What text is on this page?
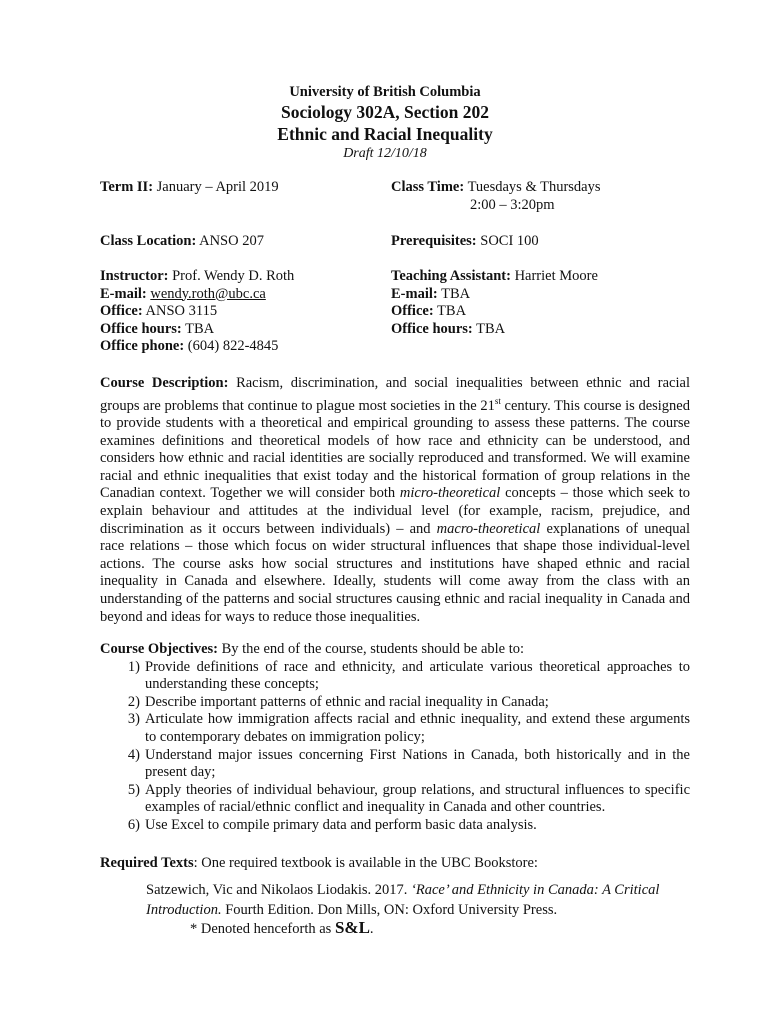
University of British Columbia
Sociology 302A, Section 202
Ethnic and Racial Inequality
Draft 12/10/18
Term II: January – April 2019	Class Time: Tuesdays & Thursdays
2:00 – 3:20pm
Class Location: ANSO 207	Prerequisites: SOCI 100
Instructor: Prof. Wendy D. Roth
E-mail: wendy.roth@ubc.ca
Office: ANSO 3115
Office hours: TBA
Office phone: (604) 822-4845
Teaching Assistant: Harriet Moore
E-mail: TBA
Office: TBA
Office hours: TBA
Course Description: Racism, discrimination, and social inequalities between ethnic and racial groups are problems that continue to plague most societies in the 21st century. This course is designed to provide students with a theoretical and empirical grounding to assess these patterns. The course examines definitions and theoretical models of how race and ethnicity can be understood, and considers how ethnic and racial identities are socially reproduced and transformed. We will examine racial and ethnic inequalities that exist today and the historical formation of group relations in the Canadian context. Together we will consider both micro-theoretical concepts – those which seek to explain behaviour and attitudes at the individual level (for example, racism, prejudice, and discrimination as it occurs between individuals) – and macro-theoretical explanations of unequal race relations – those which focus on wider structural influences that shape those individual-level actions. The course asks how social structures and institutions have shaped ethnic and racial inequality in Canada and elsewhere. Ideally, students will come away from the class with an understanding of the patterns and social structures causing ethnic and racial inequality in Canada and beyond and ideas for ways to reduce those inequalities.
Course Objectives: By the end of the course, students should be able to:
1) Provide definitions of race and ethnicity, and articulate various theoretical approaches to understanding these concepts;
2) Describe important patterns of ethnic and racial inequality in Canada;
3) Articulate how immigration affects racial and ethnic inequality, and extend these arguments to contemporary debates on immigration policy;
4) Understand major issues concerning First Nations in Canada, both historically and in the present day;
5) Apply theories of individual behaviour, group relations, and structural influences to specific examples of racial/ethnic conflict and inequality in Canada and other countries.
6) Use Excel to compile primary data and perform basic data analysis.
Required Texts: One required textbook is available in the UBC Bookstore:
Satzewich, Vic and Nikolaos Liodakis. 2017. ‘Race’ and Ethnicity in Canada: A Critical Introduction. Fourth Edition. Don Mills, ON: Oxford University Press.
* Denoted henceforth as S&L.
